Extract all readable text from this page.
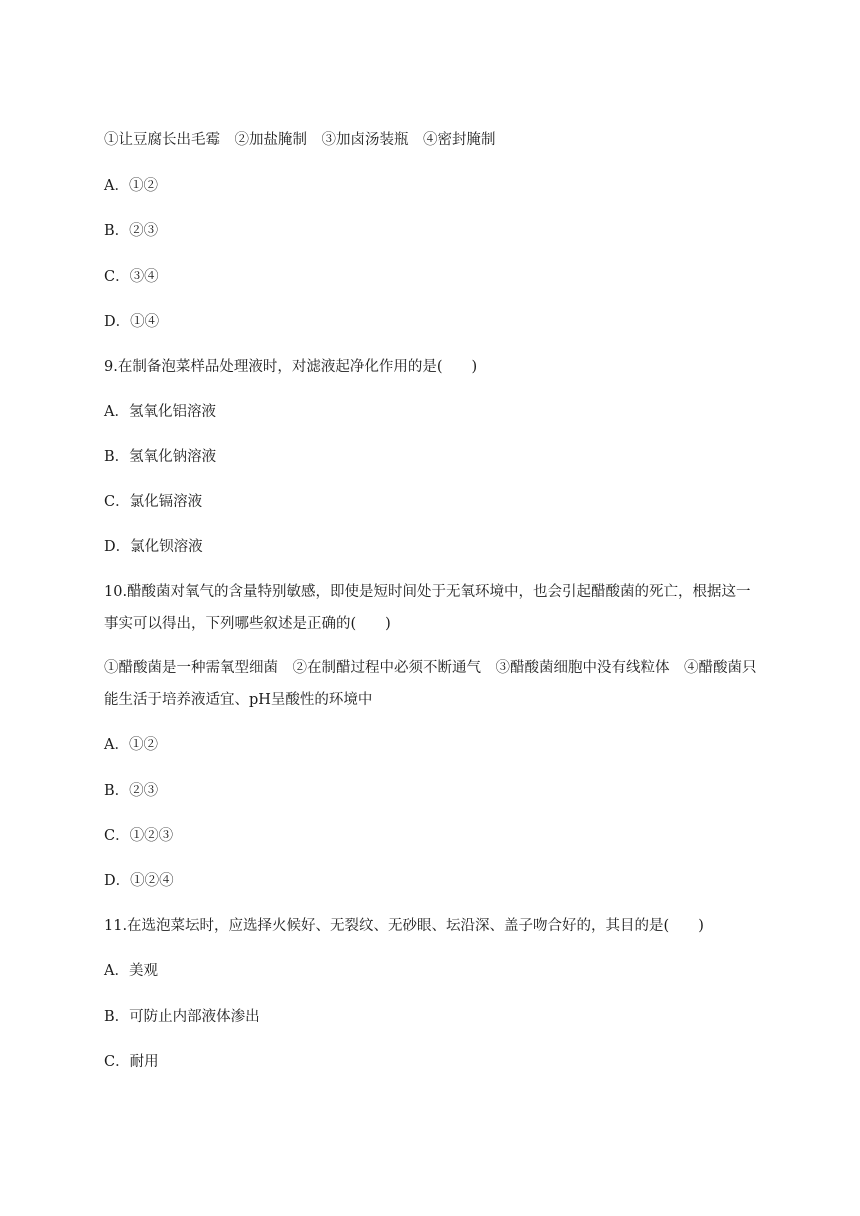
①让豆腐长出毛霉　②加盐腌制　③加卤汤装瓶　④密封腌制
A．①②
B．②③
C．③④
D．①④
9.在制备泡菜样品处理液时，对滤液起净化作用的是(　　)
A．氢氧化铝溶液
B．氢氧化钠溶液
C．氯化镉溶液
D．氯化钡溶液
10.醋酸菌对氧气的含量特别敏感，即使是短时间处于无氧环境中，也会引起醋酸菌的死亡，根据这一事实可以得出，下列哪些叙述是正确的(　　)
①醋酸菌是一种需氧型细菌　②在制醋过程中必须不断通气　③醋酸菌细胞中没有线粒体　④醋酸菌只能生活于培养液适宜、pH呈酸性的环境中
A．①②
B．②③
C．①②③
D．①②④
11.在选泡菜坛时，应选择火候好、无裂纹、无砂眼、坛沿深、盖子吻合好的，其目的是(　　)
A．美观
B．可防止内部液体渗出
C．耐用
